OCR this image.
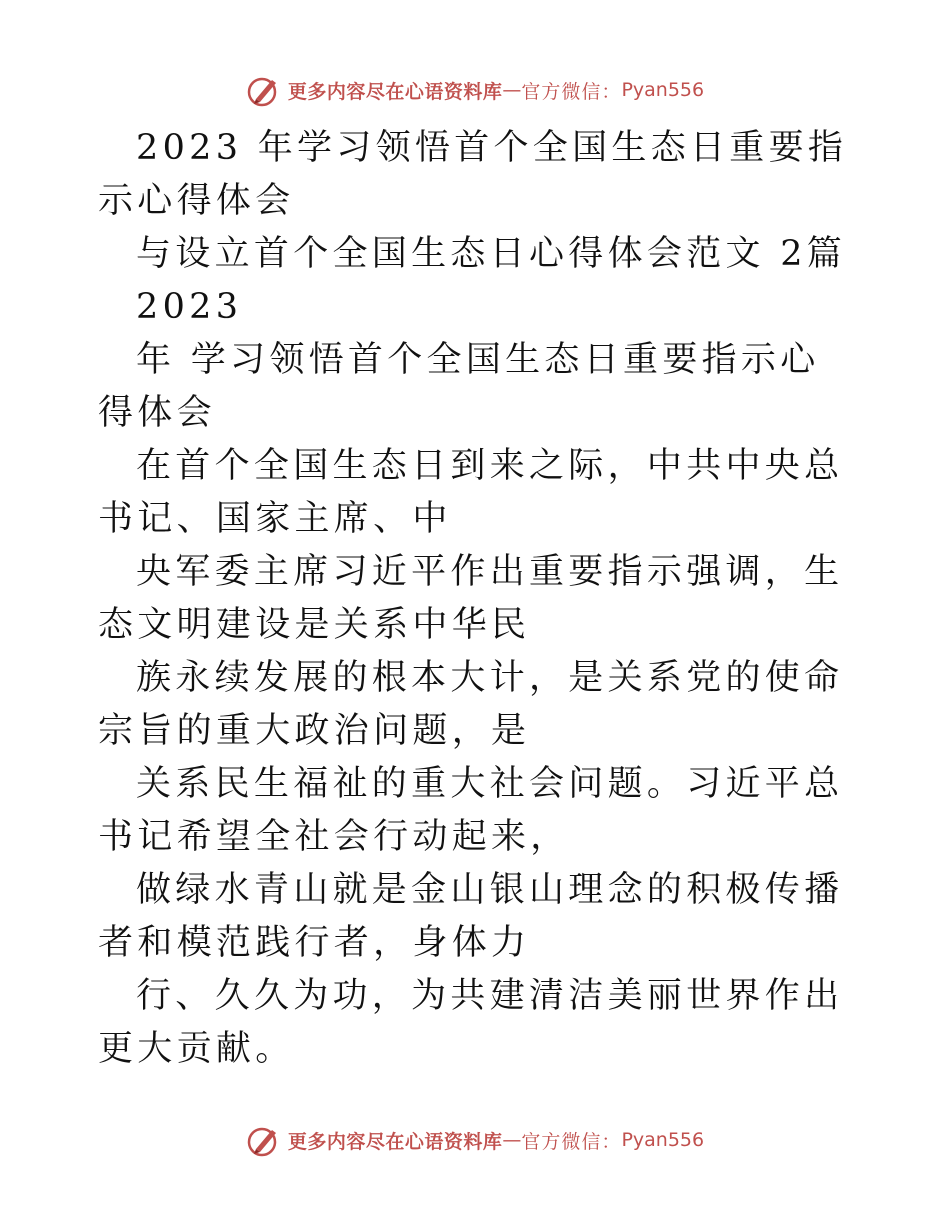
更多内容尽在心语资料库 — 官方微信： Pyan556

2023 年学习领悟首个全国生态日重要指示心得体会

与设立首个全国生态日心得体会范文 2篇

2023

年 学习领悟首个全国生态日重要指示心得体会

在首个全国生态日到来之际，中共中央总书记、国家主席、中

央军委主席习近平作出重要指示强调，生态文明建设是关系中华民

族永续发展的根本大计，是关系党的使命宗旨的重大政治问题，是

关系民生福祉的重大社会问题。习近平总书记希望全社会行动起来，

做绿水青山就是金山银山理念的积极传播者和模范践行者，身体力

行、久久为功，为共建清洁美丽世界作出更大贡献。

更多内容尽在心语资料库 — 官方微信： Pyan556
